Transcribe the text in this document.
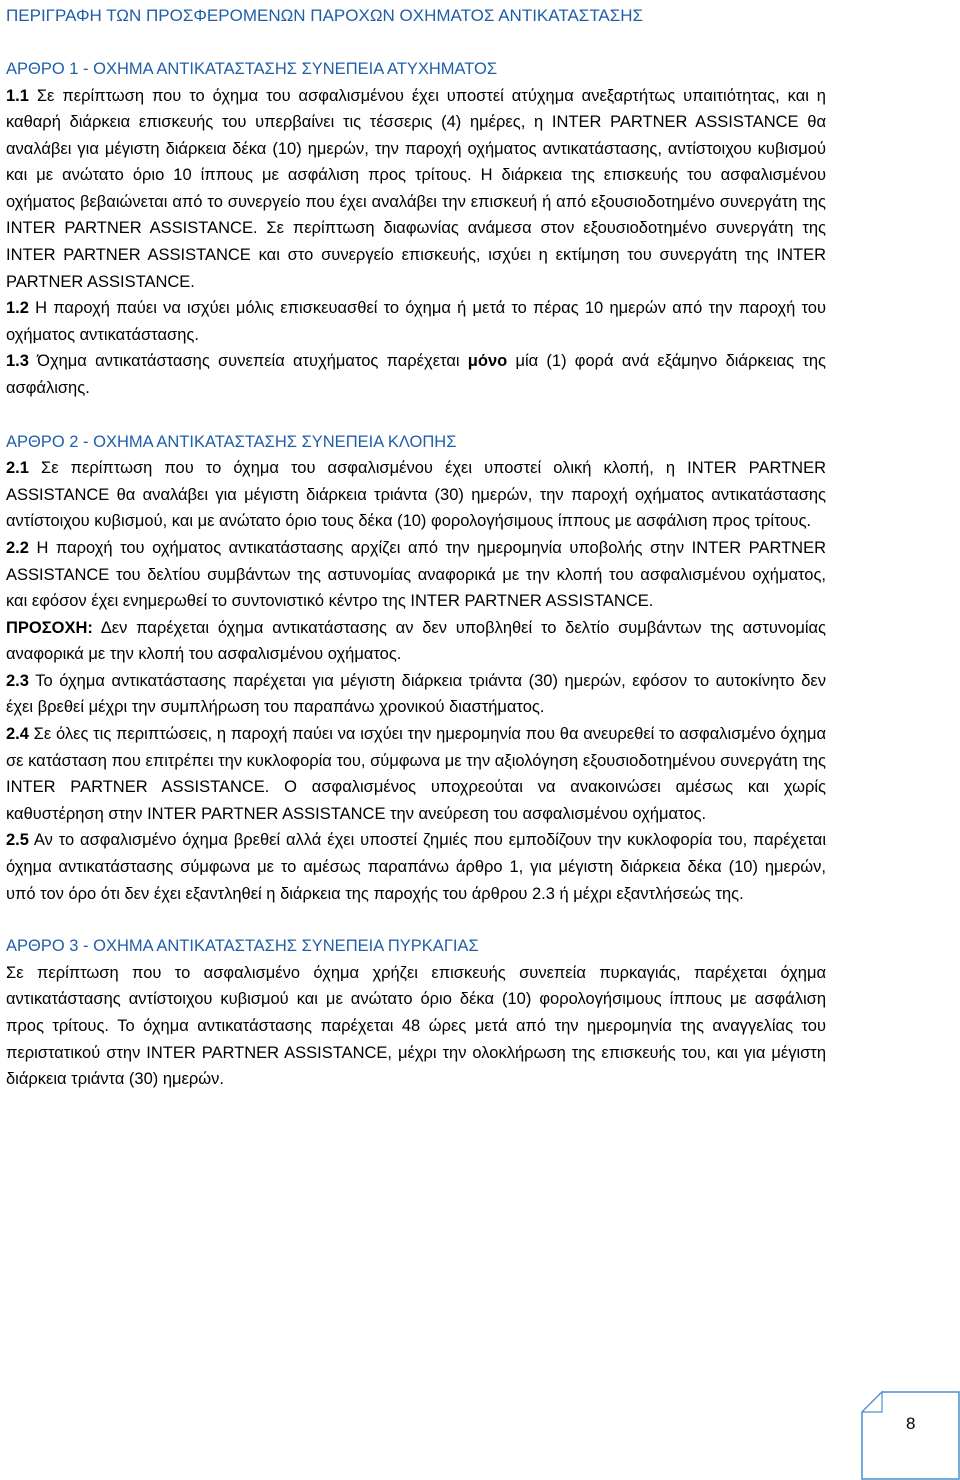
ΠΕΡΙΓΡΑΦΗ ΤΩΝ ΠΡΟΣΦΕΡΟΜΕΝΩΝ ΠΑΡΟΧΩΝ ΟΧΗΜΑΤΟΣ ΑΝΤΙΚΑΤΑΣΤΑΣΗΣ
ΑΡΘΡΟ 1 - ΟΧΗΜΑ ΑΝΤΙΚΑΤΑΣΤΑΣΗΣ ΣΥΝΕΠΕΙΑ ΑΤΥΧΗΜΑΤΟΣ

1.1 Σε περίπτωση που το όχημα του ασφαλισμένου έχει υποστεί ατύχημα ανεξαρτήτως υπαιτιότητας, και η καθαρή διάρκεια επισκευής του υπερβαίνει τις τέσσερις (4) ημέρες, η INTER PARTNER ASSISTANCE θα αναλάβει για μέγιστη διάρκεια δέκα (10) ημερών, την παροχή οχήματος αντικατάστασης, αντίστοιχου κυβισμού και με ανώτατο όριο 10 ίππους με ασφάλιση προς τρίτους. Η διάρκεια της επισκευής του ασφαλισμένου οχήματος βεβαιώνεται από το συνεργείο που έχει αναλάβει την επισκευή ή από εξουσιοδοτημένο συνεργάτη της INTER PARTNER ASSISTANCE. Σε περίπτωση διαφωνίας ανάμεσα στον εξουσιοδοτημένο συνεργάτη της INTER PARTNER ASSISTANCE και στο συνεργείο επισκευής, ισχύει η εκτίμηση του συνεργάτη της INTER PARTNER ASSISTANCE.

1.2 Η παροχή παύει να ισχύει μόλις επισκευασθεί το όχημα ή μετά το πέρας 10 ημερών από την παροχή του οχήματος αντικατάστασης.

1.3 Όχημα αντικατάστασης συνεπεία ατυχήματος παρέχεται μόνο μία (1) φορά ανά εξάμηνο διάρκειας της ασφάλισης.

ΑΡΘΡΟ 2 - ΟΧΗΜΑ ΑΝΤΙΚΑΤΑΣΤΑΣΗΣ ΣΥΝΕΠΕΙΑ ΚΛΟΠΗΣ

2.1 Σε περίπτωση που το όχημα του ασφαλισμένου έχει υποστεί ολική κλοπή, η INTER PARTNER ASSISTANCE θα αναλάβει για μέγιστη διάρκεια τριάντα (30) ημερών, την παροχή οχήματος αντικατάστασης αντίστοιχου κυβισμού, και με ανώτατο όριο τους δέκα (10) φορολογήσιμους ίππους με ασφάλιση προς τρίτους.

2.2 Η παροχή του οχήματος αντικατάστασης αρχίζει από την ημερομηνία υποβολής στην INTER PARTNER ASSISTANCE του δελτίου συμβάντων της αστυνομίας αναφορικά με την κλοπή του ασφαλισμένου οχήματος, και εφόσον έχει ενημερωθεί το συντονιστικό κέντρο της INTER PARTNER ASSISTANCE.

ΠΡΟΣΟΧΗ: Δεν παρέχεται όχημα αντικατάστασης αν δεν υποβληθεί το δελτίο συμβάντων της αστυνομίας αναφορικά με την κλοπή του ασφαλισμένου οχήματος.

2.3 Το όχημα αντικατάστασης παρέχεται για μέγιστη διάρκεια τριάντα (30) ημερών, εφόσον το αυτοκίνητο δεν έχει βρεθεί μέχρι την συμπλήρωση του παραπάνω χρονικού διαστήματος.

2.4 Σε όλες τις περιπτώσεις, η παροχή παύει να ισχύει την ημερομηνία που θα ανευρεθεί το ασφαλισμένο όχημα σε κατάσταση που επιτρέπει την κυκλοφορία του, σύμφωνα με την αξιολόγηση εξουσιοδοτημένου συνεργάτη της INTER PARTNER ASSISTANCE. Ο ασφαλισμένος υποχρεούται να ανακοινώσει αμέσως και χωρίς καθυστέρηση στην INTER PARTNER ASSISTANCE την ανεύρεση του ασφαλισμένου οχήματος.

2.5 Αν το ασφαλισμένο όχημα βρεθεί αλλά έχει υποστεί ζημιές που εμποδίζουν την κυκλοφορία του, παρέχεται όχημα αντικατάστασης σύμφωνα με το αμέσως παραπάνω άρθρο 1, για μέγιστη διάρκεια δέκα (10) ημερών, υπό τον όρο ότι δεν έχει εξαντληθεί η διάρκεια της παροχής του άρθρου 2.3 ή μέχρι εξαντλήσεώς της.

ΑΡΘΡΟ 3 - ΟΧΗΜΑ ΑΝΤΙΚΑΤΑΣΤΑΣΗΣ ΣΥΝΕΠΕΙΑ ΠΥΡΚΑΓΙΑΣ

Σε περίπτωση που το ασφαλισμένο όχημα χρήζει επισκευής συνεπεία πυρκαγιάς, παρέχεται όχημα αντικατάστασης αντίστοιχου κυβισμού και με ανώτατο όριο δέκα (10) φορολογήσιμους ίππους με ασφάλιση προς τρίτους. Το όχημα αντικατάστασης παρέχεται 48 ώρες μετά από την ημερομηνία της αναγγελίας του περιστατικού στην INTER PARTNER ASSISTANCE, μέχρι την ολοκλήρωση της επισκευής του, και για μέγιστη διάρκεια τριάντα (30) ημερών.

8
